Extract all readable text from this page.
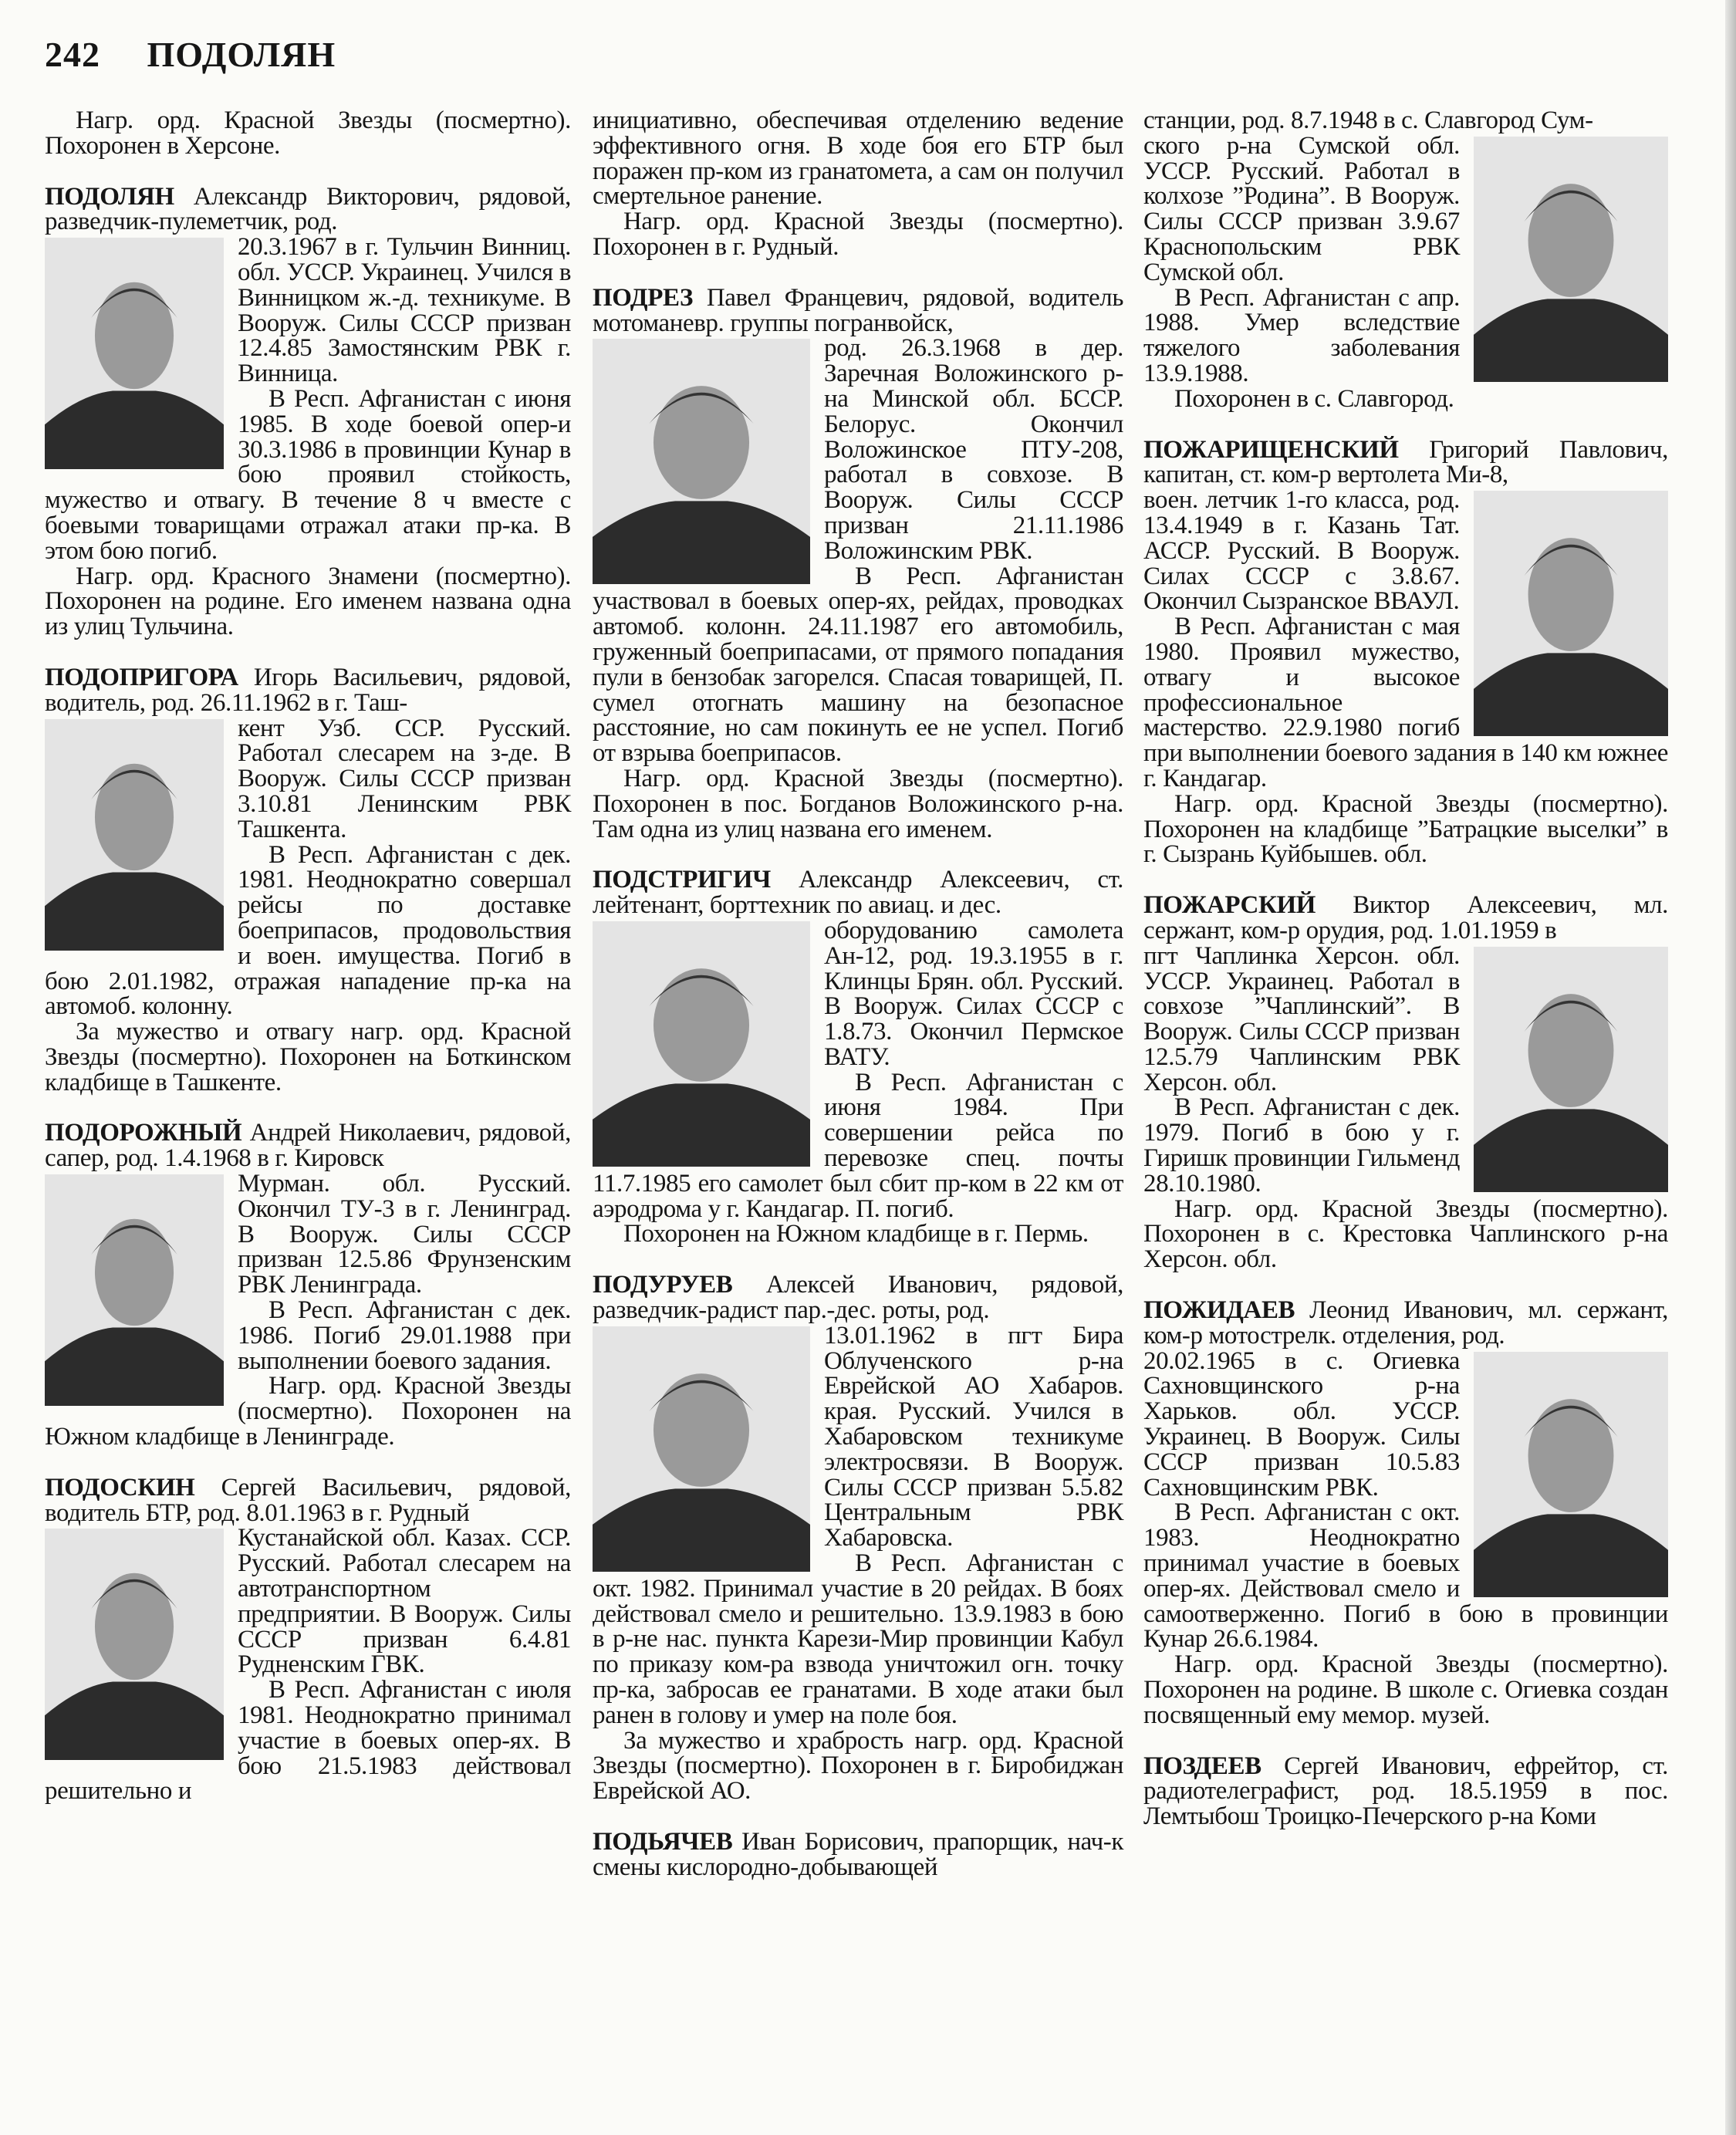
242 ПОДОЛЯН

Нагр. орд. Красной Звезды (посмертно). Похоронен в Херсоне.

ПОДОЛЯН Александр Викторович, рядовой, разведчик-пулеметчик, род.

20.3.1967 в г. Тульчин Винниц. обл. УССР. Украинец. Учился в Винницком ж.-д. техникуме. В Вооруж. Силы СССР призван 12.4.85 Замостянским РВК г. Винница.

В Респ. Афганистан с июня 1985. В ходе боевой опер-и 30.3.1986 в провинции Кунар в бою проявил стойкость, мужество и отвагу. В течение 8 ч вместе с боевыми товарищами отражал атаки пр-ка. В этом бою погиб.

Нагр. орд. Красного Знамени (посмертно). Похоронен на родине. Его именем названа одна из улиц Тульчина.

ПОДОПРИГОРА Игорь Васильевич, рядовой, водитель, род. 26.11.1962 в г. Таш-

кент Узб. ССР. Русский. Работал слесарем на з-де. В Вооруж. Силы СССР призван 3.10.81 Ленинским РВК Ташкента.

В Респ. Афганистан с дек. 1981. Неоднократно совершал рейсы по доставке боеприпасов, продовольствия и воен. имущества. Погиб в бою 2.01.1982, отражая нападение пр-ка на автомоб. колонну.

За мужество и отвагу нагр. орд. Красной Звезды (посмертно). Похоронен на Боткинском кладбище в Ташкенте.

ПОДОРОЖНЫЙ Андрей Николаевич, рядовой, сапер, род. 1.4.1968 в г. Кировск

Мурман. обл. Русский. Окончил ТУ-3 в г. Ленинград. В Вооруж. Силы СССР призван 12.5.86 Фрунзенским РВК Ленинграда.

В Респ. Афганистан с дек. 1986. Погиб 29.01.1988 при выполнении боевого задания.

Нагр. орд. Красной Звезды (посмертно). Похоронен на Южном кладбище в Ленинграде.

ПОДОСКИН Сергей Васильевич, рядовой, водитель БТР, род. 8.01.1963 в г. Рудный

Кустанайской обл. Казах. ССР. Русский. Работал слесарем на автотранспортном предприятии. В Вооруж. Силы СССР призван 6.4.81 Рудненским ГВК.

В Респ. Афганистан с июля 1981. Неоднократно принимал участие в боевых опер-ях. В бою 21.5.1983 действовал решительно и

инициативно, обеспечивая отделению ведение эффективного огня. В ходе боя его БТР был поражен пр-ком из гранатомета, а сам он получил смертельное ранение.

Нагр. орд. Красной Звезды (посмертно). Похоронен в г. Рудный.

ПОДРЕЗ Павел Францевич, рядовой, водитель мотоманевр. группы погранвойск,

род. 26.3.1968 в дер. Заречная Воложинского р-на Минской обл. БССР. Белорус. Окончил Воложинское ПТУ-208, работал в совхозе. В Вооруж. Силы СССР призван 21.11.1986 Воложинским РВК.

В Респ. Афганистан участвовал в боевых опер-ях, рейдах, проводках автомоб. колонн. 24.11.1987 его автомобиль, груженный боеприпасами, от прямого попадания пули в бензобак загорелся. Спасая товарищей, П. сумел отогнать машину на безопасное расстояние, но сам покинуть ее не успел. Погиб от взрыва боеприпасов.

Нагр. орд. Красной Звезды (посмертно). Похоронен в пос. Богданов Воложинского р-на. Там одна из улиц названа его именем.

ПОДСТРИГИЧ Александр Алексеевич, ст. лейтенант, борттехник по авиац. и дес.

оборудованию самолета Ан-12, род. 19.3.1955 в г. Клинцы Брян. обл. Русский. В Вооруж. Силах СССР с 1.8.73. Окончил Пермское ВАТУ.

В Респ. Афганистан с июня 1984. При совершении рейса по перевозке спец. почты 11.7.1985 его самолет был сбит пр-ком в 22 км от аэродрома у г. Кандагар. П. погиб.

Похоронен на Южном кладбище в г. Пермь.

ПОДУРУЕВ Алексей Иванович, рядовой, разведчик-радист пар.-дес. роты, род.

13.01.1962 в пгт Бира Облученского р-на Еврейской АО Хабаров. края. Русский. Учился в Хабаровском техникуме электросвязи. В Вооруж. Силы СССР призван 5.5.82 Центральным РВК Хабаровска.

В Респ. Афганистан с окт. 1982. Принимал участие в 20 рейдах. В боях действовал смело и решительно. 13.9.1983 в бою в р-не нас. пункта Карези-Мир провинции Кабул по приказу ком-ра взвода уничтожил огн. точку пр-ка, забросав ее гранатами. В ходе атаки был ранен в голову и умер на поле боя.

За мужество и храбрость нагр. орд. Красной Звезды (посмертно). Похоронен в г. Биробиджан Еврейской АО.

ПОДЬЯЧЕВ Иван Борисович, прапорщик, нач-к смены кислородно-добывающей

станции, род. 8.7.1948 в с. Славгород Сум-

ского р-на Сумской обл. УССР. Русский. Работал в колхозе ”Родина”. В Вооруж. Силы СССР призван 3.9.67 Краснопольским РВК Сумской обл.

В Респ. Афганистан с апр. 1988. Умер вследствие тяжелого заболевания 13.9.1988.

Похоронен в с. Славгород.

ПОЖАРИЩЕНСКИЙ Григорий Павлович, капитан, ст. ком-р вертолета Ми-8,

воен. летчик 1-го класса, род. 13.4.1949 в г. Казань Тат. АССР. Русский. В Вооруж. Силах СССР с 3.8.67. Окончил Сызранское ВВАУЛ.

В Респ. Афганистан с мая 1980. Проявил мужество, отвагу и высокое профессиональное мастерство. 22.9.1980 погиб при выполнении боевого задания в 140 км южнее г. Кандагар.

Нагр. орд. Красной Звезды (посмертно). Похоронен на кладбище ”Батрацкие выселки” в г. Сызрань Куйбышев. обл.

ПОЖАРСКИЙ Виктор Алексеевич, мл. сержант, ком-р орудия, род. 1.01.1959 в

пгт Чаплинка Херсон. обл. УССР. Украинец. Работал в совхозе ”Чаплинский”. В Вооруж. Силы СССР призван 12.5.79 Чаплинским РВК Херсон. обл.

В Респ. Афганистан с дек. 1979. Погиб в бою у г. Гиришк провинции Гильменд 28.10.1980.

Нагр. орд. Красной Звезды (посмертно). Похоронен в с. Крестовка Чаплинского р-на Херсон. обл.

ПОЖИДАЕВ Леонид Иванович, мл. сержант, ком-р мотострелк. отделения, род.

20.02.1965 в с. Огиевка Сахновщинского р-на Харьков. обл. УССР. Украинец. В Вооруж. Силы СССР призван 10.5.83 Сахновщинским РВК.

В Респ. Афганистан с окт. 1983. Неоднократно принимал участие в боевых опер-ях. Действовал смело и самоотверженно. Погиб в бою в провинции Кунар 26.6.1984.

Нагр. орд. Красной Звезды (посмертно). Похоронен на родине. В школе с. Огиевка создан посвященный ему мемор. музей.

ПОЗДЕЕВ Сергей Иванович, ефрейтор, ст. радиотелеграфист, род. 18.5.1959 в пос. Лемтыбош Троицко-Печерского р-на Коми
